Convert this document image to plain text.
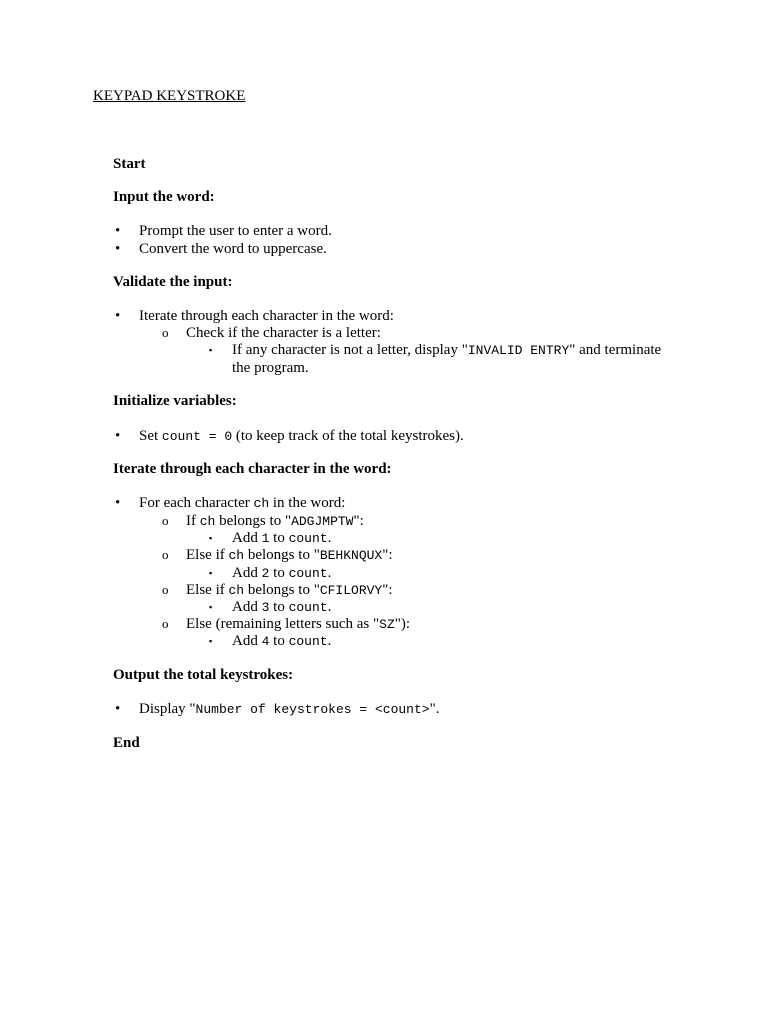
KEYPAD KEYSTROKE
Start
Input the word:
• Prompt the user to enter a word.
• Convert the word to uppercase.
Validate the input:
• Iterate through each character in the word:
o Check if the character is a letter:
▪ If any character is not a letter, display "INVALID ENTRY" and terminate
the program.
Initialize variables:
• Set count = 0 (to keep track of the total keystrokes).
Iterate through each character in the word:
• For each character ch in the word:
o If ch belongs to "ADGJMPTW":
▪ Add 1 to count.
o Else if ch belongs to "BEHKNQUX":
▪ Add 2 to count.
o Else if ch belongs to "CFILORVY":
▪ Add 3 to count.
o Else (remaining letters such as "SZ"):
▪ Add 4 to count.
Output the total keystrokes:
• Display "Number of keystrokes = <count>".
End
